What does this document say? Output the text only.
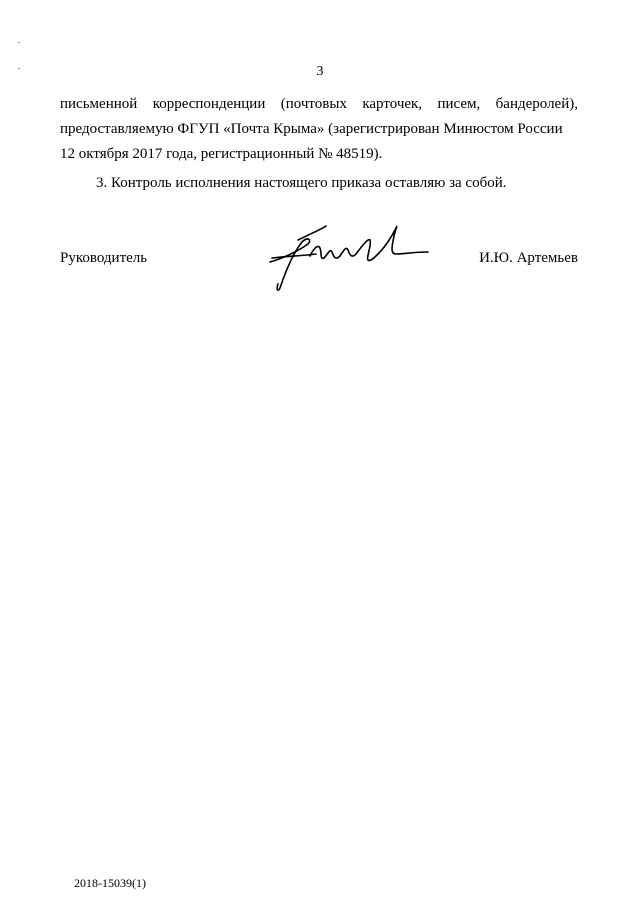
3
письменной корреспонденции (почтовых карточек, писем, бандеролей),
предоставляемую ФГУП «Почта Крыма» (зарегистрирован Минюстом России
12 октября 2017 года, регистрационный № 48519).
3. Контроль исполнения настоящего приказа оставляю за собой.
Руководитель	И.Ю. Артемьев
2018-15039(1)
